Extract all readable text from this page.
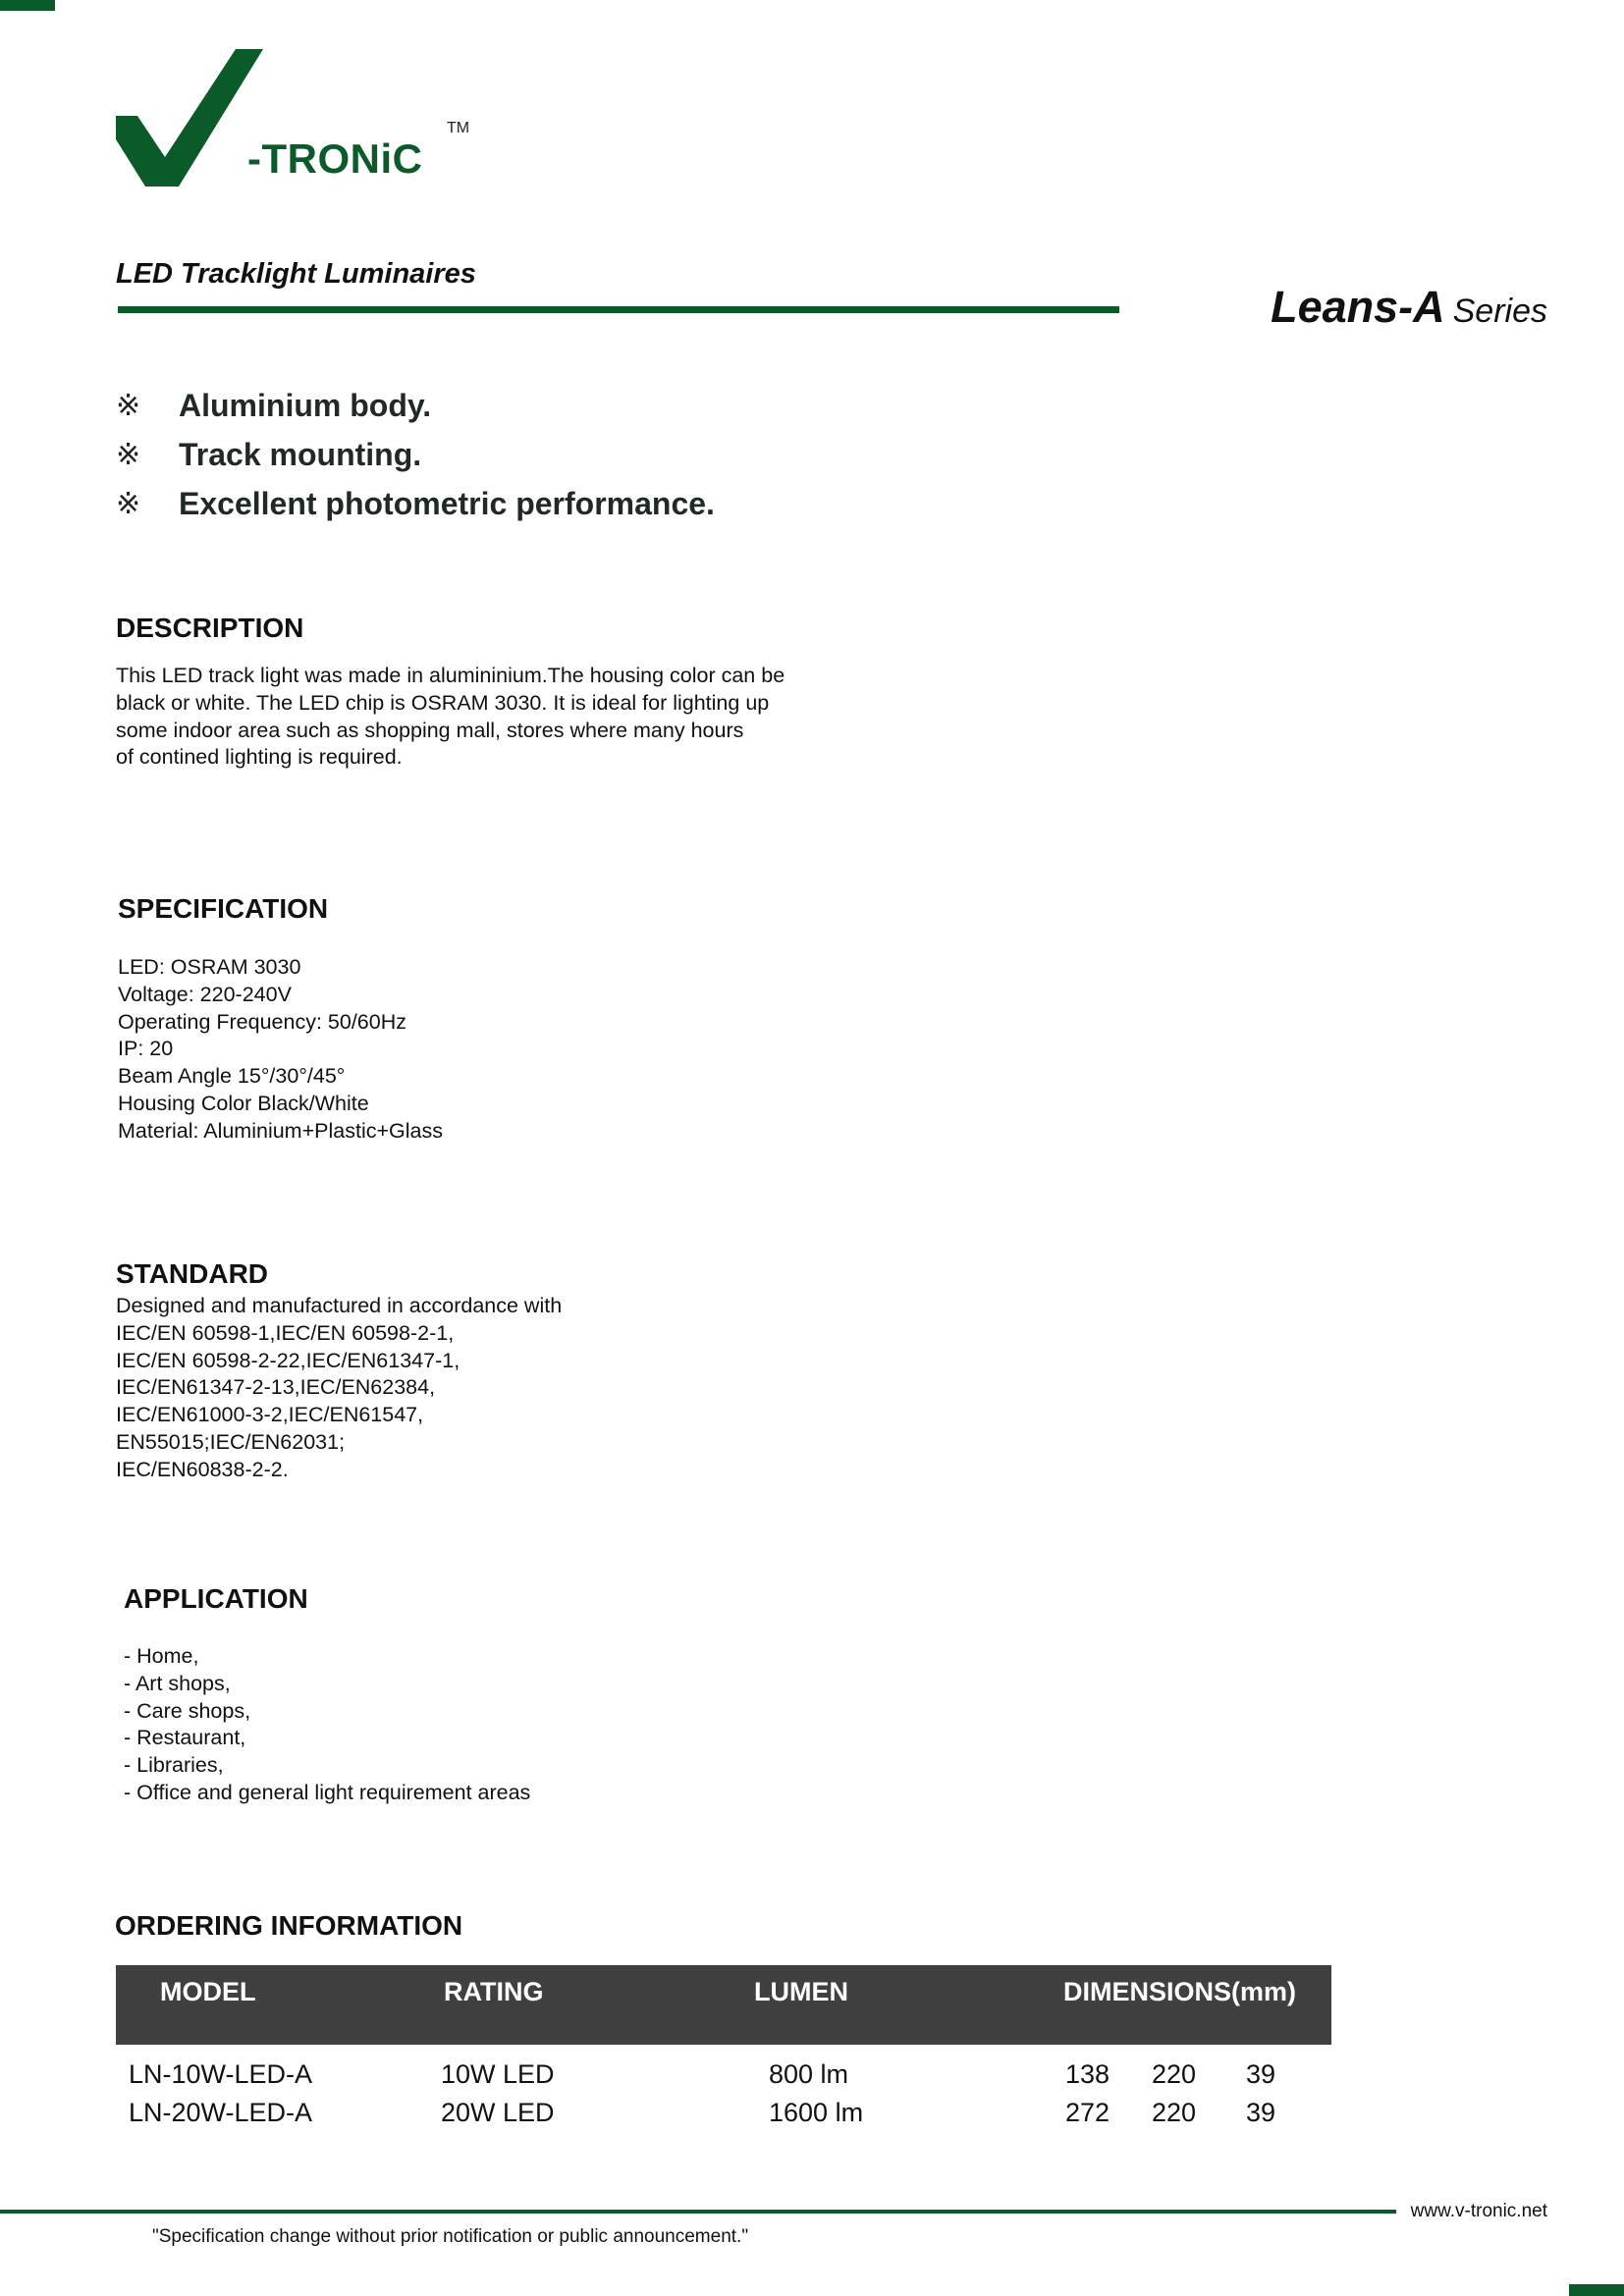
-TRONiC
TM
LED Tracklight Luminaires
Leans-A Series
※	Aluminium body.
※	Track mounting.
※	Excellent photometric performance.
DESCRIPTION
This LED track light was made in alumininium.The housing color can be
black or white. The LED chip is OSRAM 3030. It is ideal for lighting up
some indoor area such as shopping mall, stores where many hours
of contined lighting is required.
SPECIFICATION
LED: OSRAM 3030
Voltage: 220-240V
Operating Frequency: 50/60Hz
IP: 20
Beam Angle 15°/30°/45°
Housing Color Black/White
Material: Aluminium+Plastic+Glass
STANDARD
Designed and manufactured in accordance with
IEC/EN 60598-1,IEC/EN 60598-2-1,
IEC/EN 60598-2-22,IEC/EN61347-1,
IEC/EN61347-2-13,IEC/EN62384,
IEC/EN61000-3-2,IEC/EN61547,
EN55015;IEC/EN62031;
IEC/EN60838-2-2.
APPLICATION
- Home,
- Art shops,
- Care shops,
- Restaurant,
- Libraries,
- Office and general light requirement areas
ORDERING INFORMATION
MODEL	RATING	LUMEN	DIMENSIONS(mm)
LN-10W-LED-A	10W LED	800 lm	138 220 39
LN-20W-LED-A	20W LED	1600 lm	272 220 39
www.v-tronic.net
"Specification change without prior notification or public announcement."
